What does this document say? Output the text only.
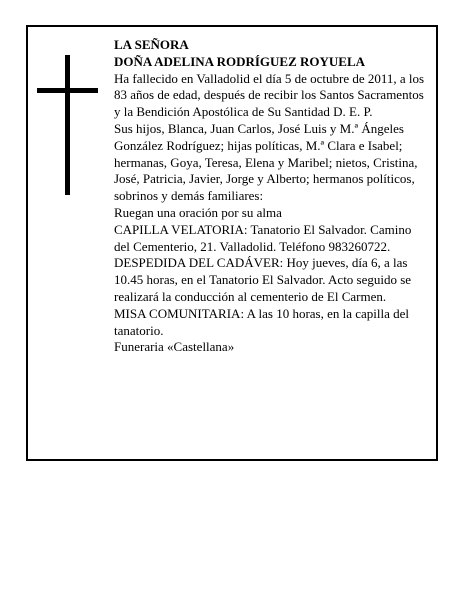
LA SEÑORA

DOÑA ADELINA RODRÍGUEZ ROYUELA

Ha fallecido en Valladolid el día 5 de octubre de 2011, a los 83 años de edad, después de recibir los Santos Sacramentos y la Bendición Apostólica de Su Santidad D. E. P.

Sus hijos, Blanca, Juan Carlos, José Luis y M.ª Ángeles González Rodríguez; hijas políticas, M.ª Clara e Isabel; hermanas, Goya, Teresa, Elena y Maribel; nietos, Cristina, José, Patricia, Javier, Jorge y Alberto; hermanos políticos, sobrinos y demás familiares:

Ruegan una oración por su alma

CAPILLA VELATORIA: Tanatorio El Salvador. Camino del Cementerio, 21. Valladolid. Teléfono 983260722.

DESPEDIDA DEL CADÁVER: Hoy jueves, día 6, a las 10.45 horas, en el Tanatorio El Salvador. Acto seguido se realizará la conducción al cementerio de El Carmen.

MISA COMUNITARIA: A las 10 horas, en la capilla del tanatorio.

Funeraria «Castellana»
